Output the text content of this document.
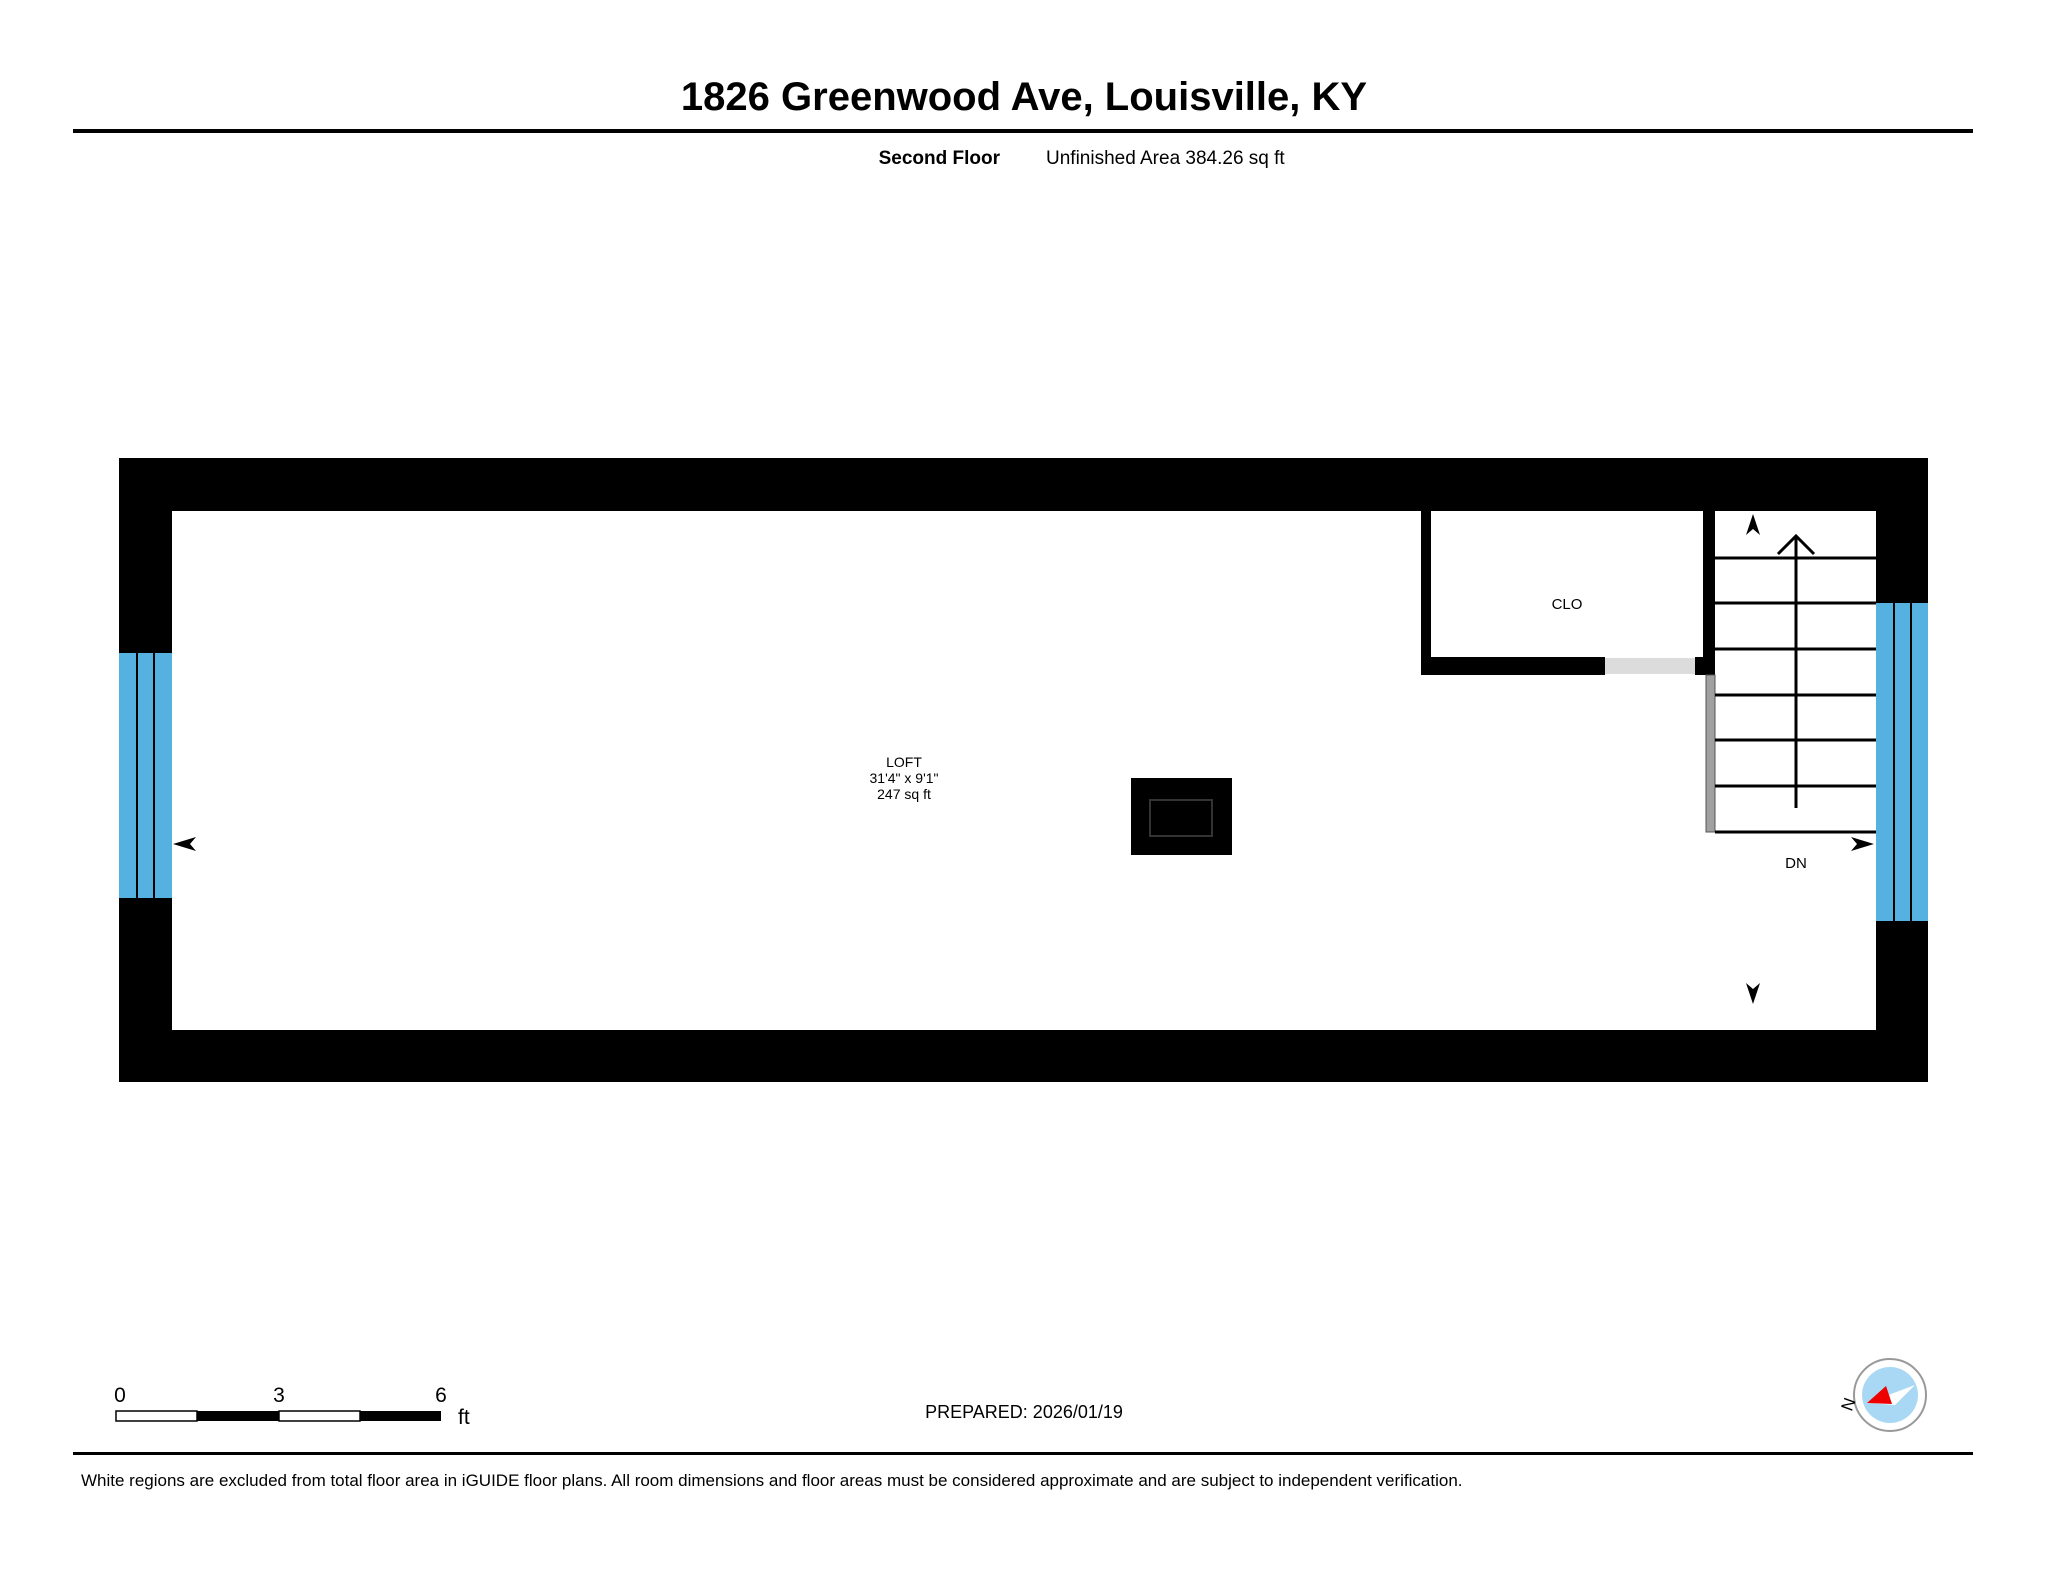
1826 Greenwood Ave, Louisville, KY
Second Floor Unfinished Area 384.26 sq ft
CLO
DN
LOFT
31'4" x 9'1"
247 sq ft
0	3	6
ft	PREPARED: 2026/01/19	N
White regions are excluded from total floor area in iGUIDE floor plans. All room dimensions and floor areas must be considered approximate and are subject to independent verification.
